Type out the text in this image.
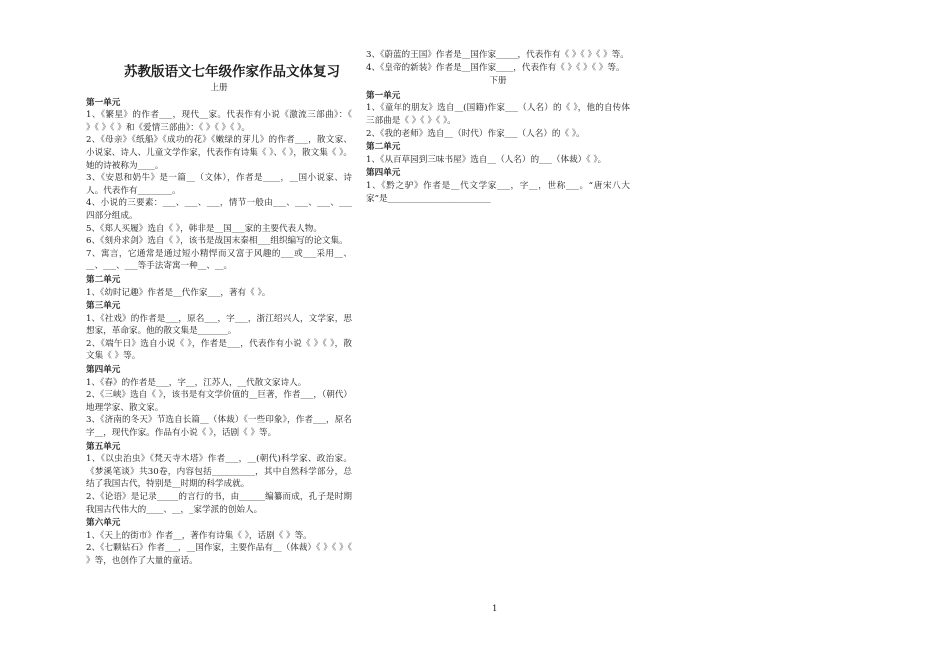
苏教版语文七年级作家作品文体复习
上册
第一单元
1、《繁星》的作者___，现代__家。代表作有小说《激流三部曲》：《 》《 》《 》和《爱情三部曲》：《 》《 》《 》。
2、《母亲》《纸船》《成功的花》《嫩绿的芽儿》的作者___，散文家、小说家、诗人、儿童文学作家，代表作有诗集《 》、《 》，散文集《 》。她的诗被称为____。
3、《安恩和奶牛》是一篇__（文体），作者是____，__国小说家、诗人。代表作有________。
4、小说的三要素：___、___、___，情节一般由___、___、___、___四部分组成。
5、《郑人买履》选自《 》，韩非是__国___家的主要代表人物。
6、《刻舟求剑》选自《 》，该书是战国末秦相___组织编写的论文集。
7、寓言，它通常是通过短小精悍而又富于风趣的___或___采用__、__、___、___等手法寄寓一种__、__。
第二单元
1、《幼时记趣》作者是__代作家___，著有《 》。
第三单元
1、《社戏》的作者是___，原名___，字___，浙江绍兴人，文学家，思想家，革命家。他的散文集是_______。
2、《端午日》选自小说《 》，作者是___，代表作有小说《 》《 》，散文集《 》等。
第四单元
1、《春》的作者是___，字__，江苏人，__代散文家诗人。
2、《三峡》选自《 》，该书是有文学价值的__巨著，作者___，（朝代）地理学家、散文家。
3、《济南的冬天》节选自长篇__（体裁）《一些印象》，作者___，原名字__，现代作家。作品有小说《 》，话剧《 》等。
第五单元
1、《以虫治虫》《梵天寺木塔》作者___，__(朝代)科学家、政治家。《梦溪笔谈》共30卷，内容包括__________，其中自然科学部分，总结了我国古代，特别是__时期的科学成就。
2、《论语》是记录_____的言行的书，由______编纂而成，孔子是时期我国古代伟大的____、__，_家学派的创始人。
第六单元
1、《天上的街市》作者__，著作有诗集《 》，话剧《 》等。
2、《七颗钻石》作者___，__国作家，主要作品有__（体裁）《 》《 》《 》等，也创作了大量的童话。
3、《蔚蓝的王国》作者是__国作家_____，代表作有《 》《 》《 》等。
4、《皇帝的新装》作者是__国作家____，代表作有《 》《 》《 》等。
下册
第一单元
1、《童年的朋友》选自__(国籍)作家___（人名）的《 》，他的自传体三部曲是《 》《 》《 》。
2、《我的老师》选自__（时代）作家___（人名）的《 》。
第二单元
1、《从百草园到三味书屋》选自__（人名）的___（体裁）《 》。
第四单元
1、《黔之驴》作者是__代文学家___，字__，世称___。“唐宋八大家”是________________________
1
